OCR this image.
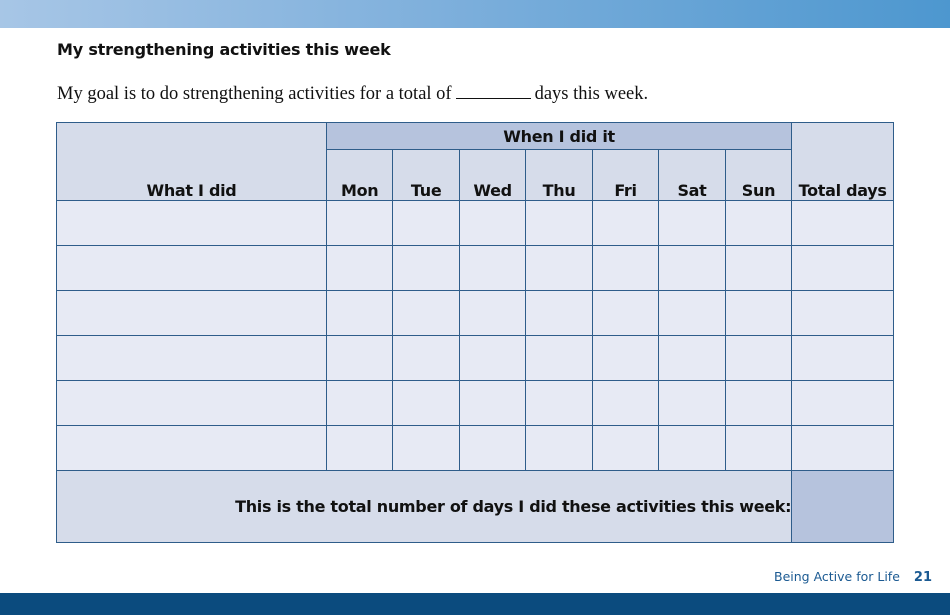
My strengthening activities this week
My goal is to do strengthening activities for a total of	days this week.
What I did	When I did it							Total days
	Mon	Tue	Wed	Thu	Fri	Sat	Sun	

This is the total number of days I did these activities this week:								
Being Active for Life 21
